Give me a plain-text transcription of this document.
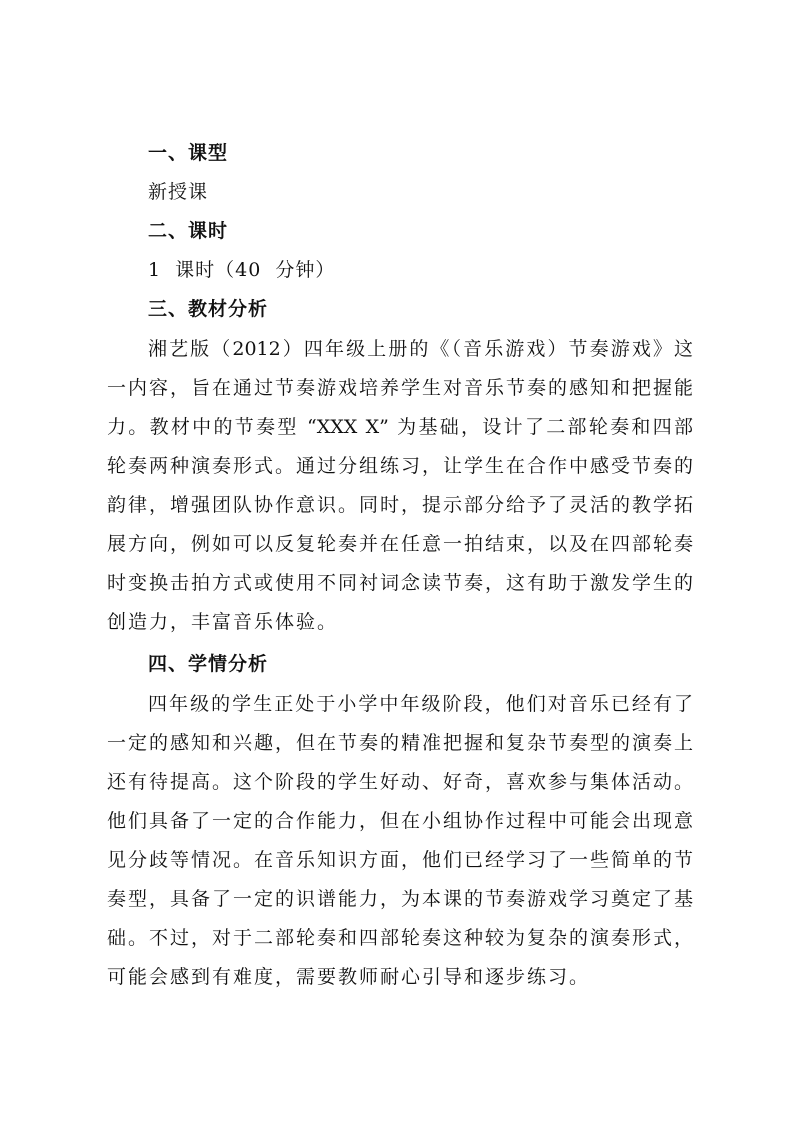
一、课型
新授课
二、课时
1  课时（40  分钟）
三、教材分析
湘艺版（2012）四年级上册的《（音乐游戏）节奏游戏》这
一内容，旨在通过节奏游戏培养学生对音乐节奏的感知和把握能
力。教材中的节奏型 “XXX X” 为基础，设计了二部轮奏和四部
轮奏两种演奏形式。通过分组练习，让学生在合作中感受节奏的
韵律，增强团队协作意识。同时，提示部分给予了灵活的教学拓
展方向，例如可以反复轮奏并在任意一拍结束，以及在四部轮奏
时变换击拍方式或使用不同衬词念读节奏，这有助于激发学生的
创造力，丰富音乐体验。
四、学情分析
四年级的学生正处于小学中年级阶段，他们对音乐已经有了
一定的感知和兴趣，但在节奏的精准把握和复杂节奏型的演奏上
还有待提高。这个阶段的学生好动、好奇，喜欢参与集体活动。
他们具备了一定的合作能力，但在小组协作过程中可能会出现意
见分歧等情况。在音乐知识方面，他们已经学习了一些简单的节
奏型，具备了一定的识谱能力，为本课的节奏游戏学习奠定了基
础。不过，对于二部轮奏和四部轮奏这种较为复杂的演奏形式，
可能会感到有难度，需要教师耐心引导和逐步练习。
